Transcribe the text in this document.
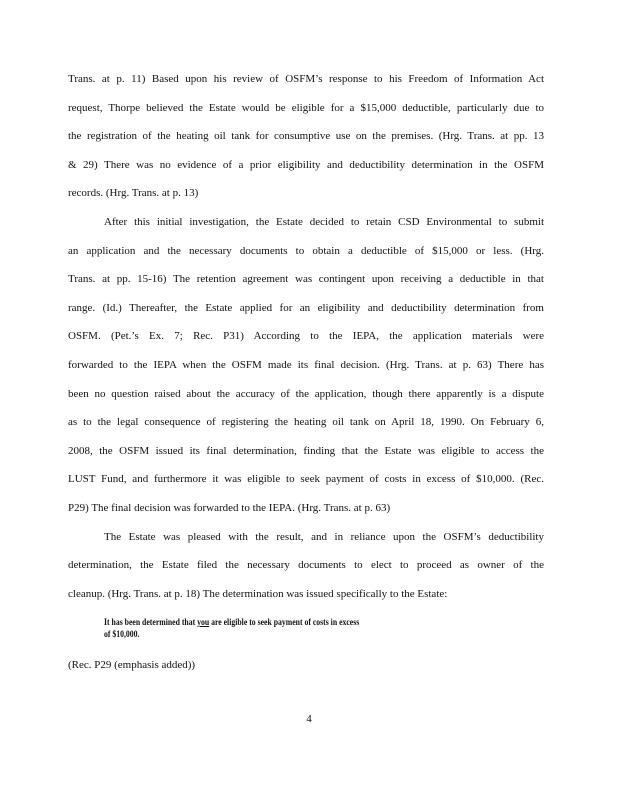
Trans. at p. 11) Based upon his review of OSFM’s response to his Freedom of Information Act
request, Thorpe believed the Estate would be eligible for a $15,000 deductible, particularly due to
the registration of the heating oil tank for consumptive use on the premises. (Hrg. Trans. at pp. 13
& 29) There was no evidence of a prior eligibility and deductibility determination in the OSFM
records. (Hrg. Trans. at p. 13)
After this initial investigation, the Estate decided to retain CSD Environmental to submit
an application and the necessary documents to obtain a deductible of $15,000 or less. (Hrg.
Trans. at pp. 15-16) The retention agreement was contingent upon receiving a deductible in that
range. (Id.) Thereafter, the Estate applied for an eligibility and deductibility determination from
OSFM. (Pet.’s Ex. 7; Rec. P31) According to the IEPA, the application materials were
forwarded to the IEPA when the OSFM made its final decision. (Hrg. Trans. at p. 63) There has
been no question raised about the accuracy of the application, though there apparently is a dispute
as to the legal consequence of registering the heating oil tank on April 18, 1990. On February 6,
2008, the OSFM issued its final determination, finding that the Estate was eligible to access the
LUST Fund, and furthermore it was eligible to seek payment of costs in excess of $10,000. (Rec.
P29) The final decision was forwarded to the IEPA. (Hrg. Trans. at p. 63)
The Estate was pleased with the result, and in reliance upon the OSFM’s deductibility
determination, the Estate filed the necessary documents to elect to proceed as owner of the
cleanup. (Hrg. Trans. at p. 18) The determination was issued specifically to the Estate:
It has been determined that you are eligible to seek payment of costs in excess
of $10,000.
(Rec. P29 (emphasis added))
4
